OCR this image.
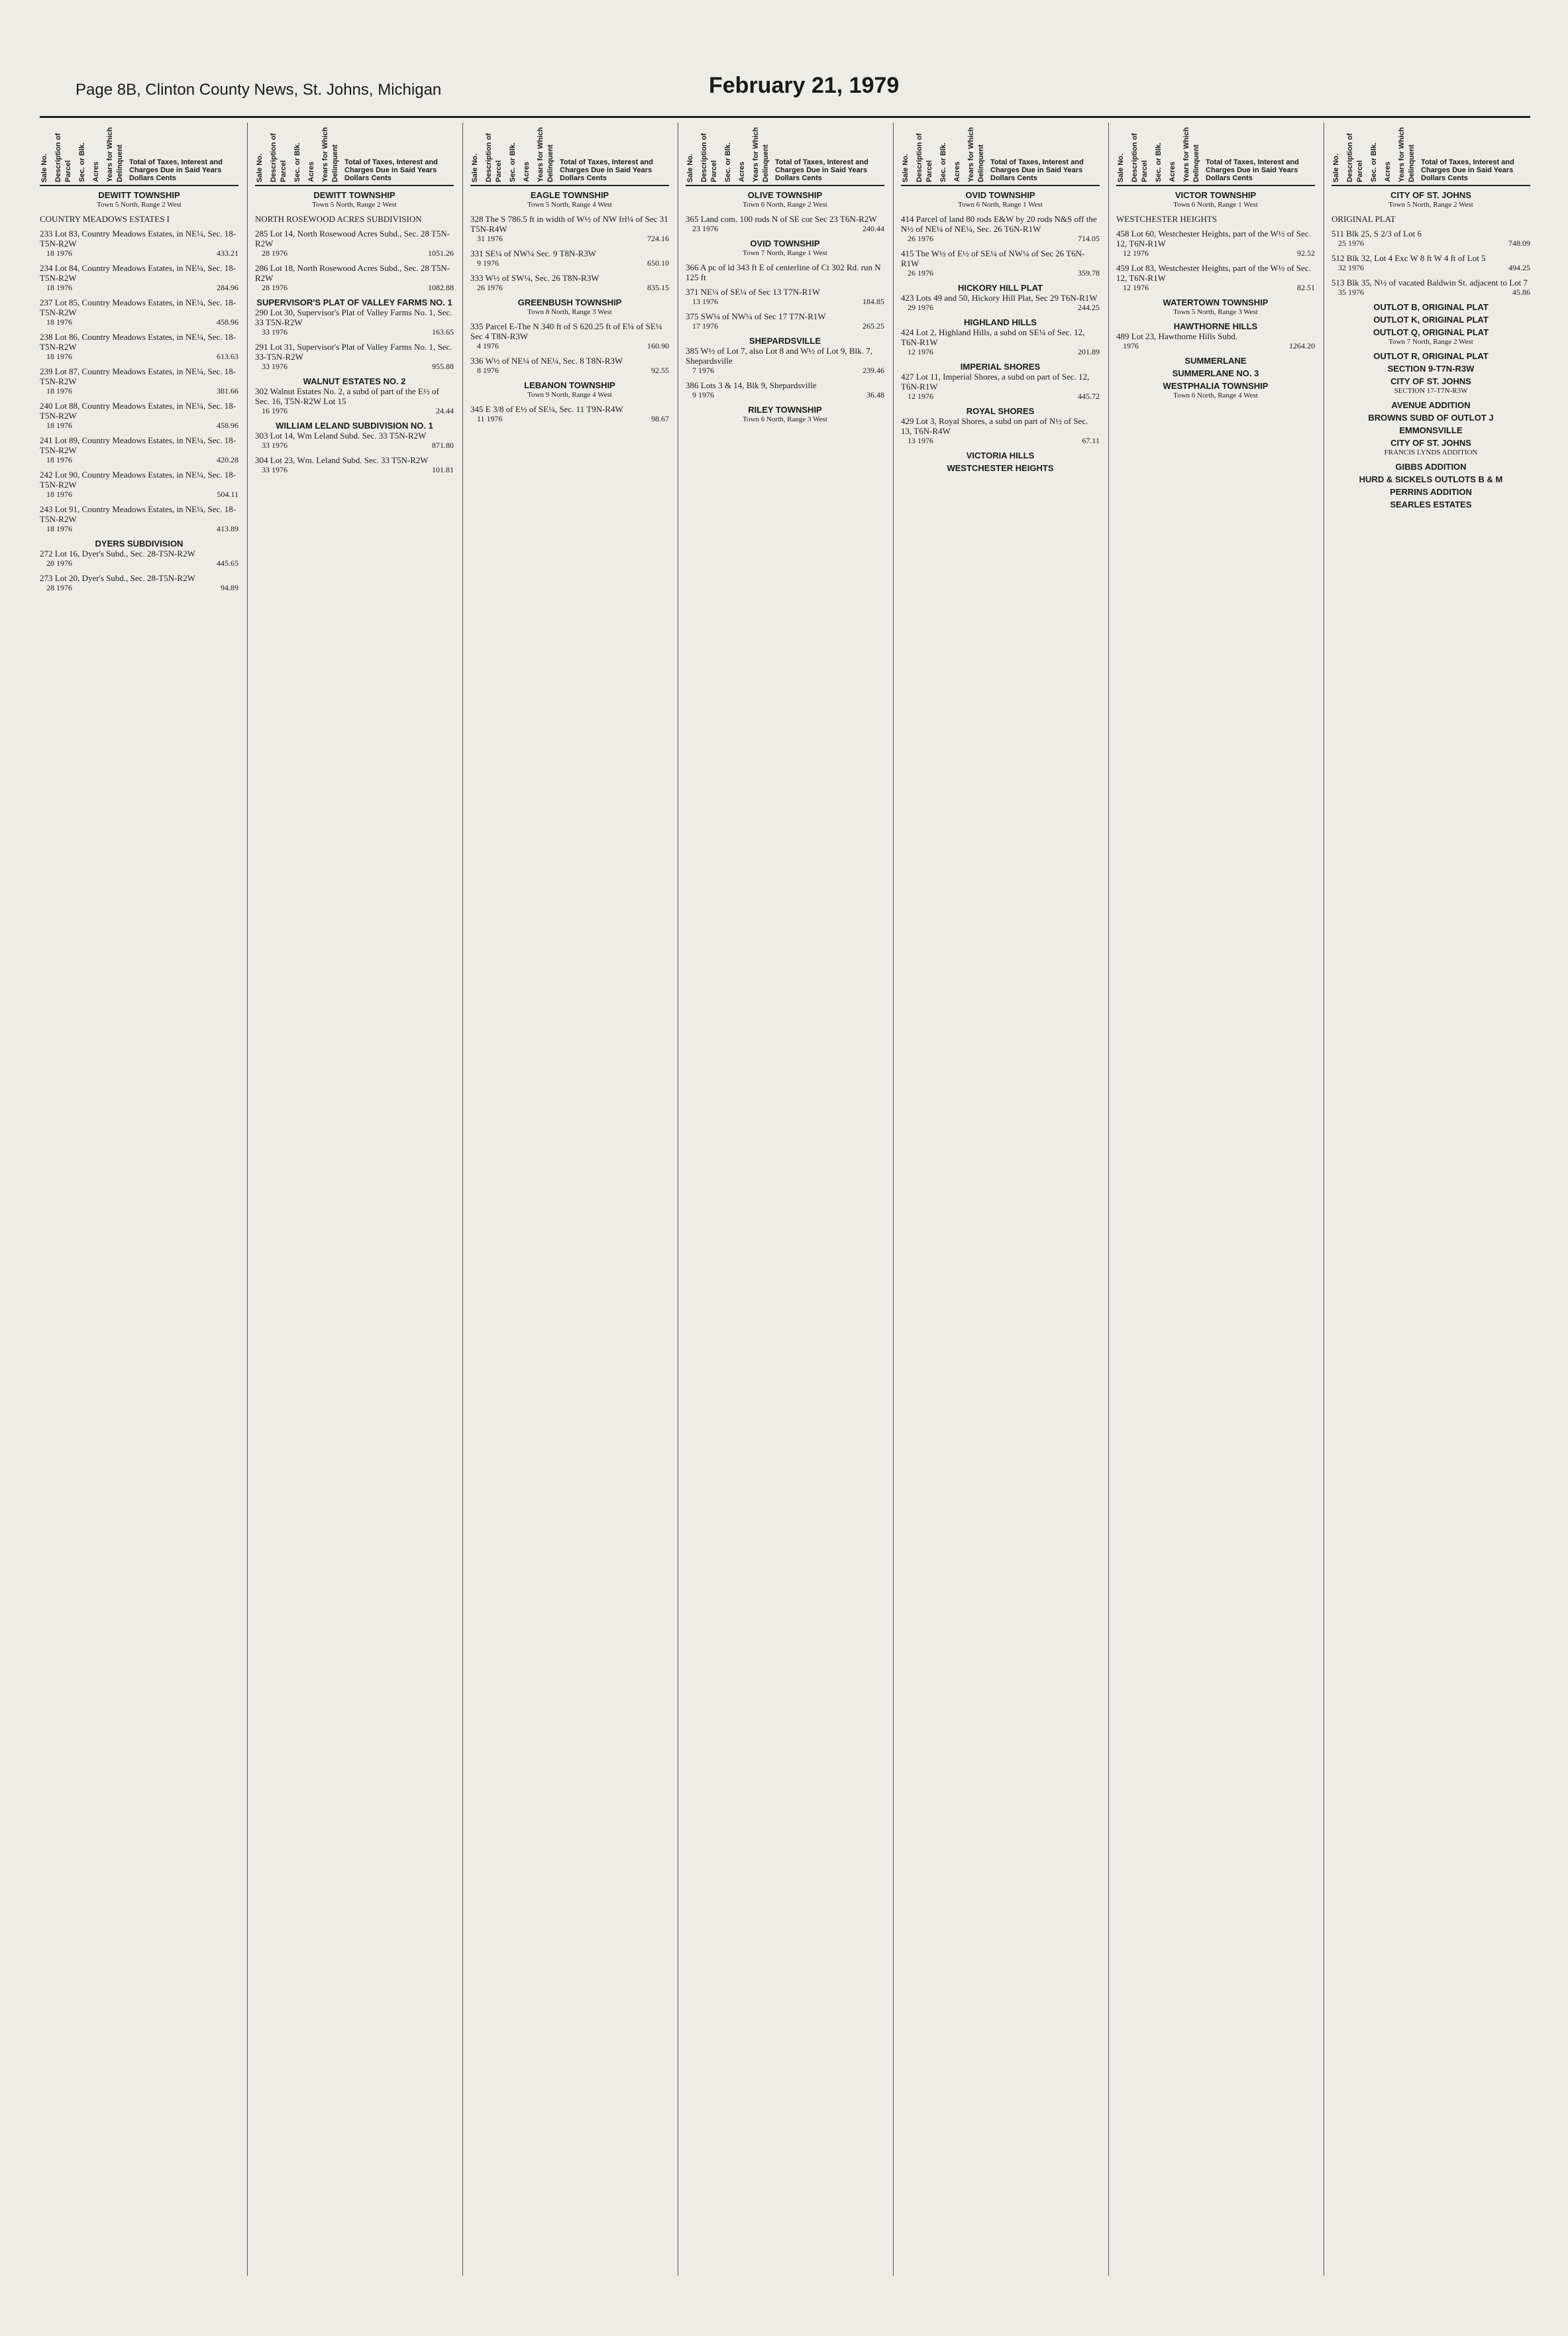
Page 8B, Clinton County News, St. Johns, Michigan	February 21, 1979
Sale No. Description of Parcel Sec. or Blk. Acres Years for Which Delinquent Total of Taxes, Interest and Charges Due in Said Years Dollars Cents
DEWITT TOWNSHIP
Town 5 North, Range 2 West
COUNTRY MEADOWS ESTATES I
233 Lot 83, Country Meadows Estates, in NE¼, Sec. 18-T5N-R2W
18 1976	433.21
234 Lot 84, Country Meadows Estates, in NE¼, Sec. 18-T5N-R2W
18 1976	284.96
237 Lot 85, Country Meadows Estates, in NE¼, Sec. 18-T5N-R2W
18 1976	458.96
238 Lot 86, Country Meadows Estates, in NE¼, Sec. 18-T5N-R2W
18 1976	613.63
239 Lot 87, Country Meadows Estates, in NE¼, Sec. 18-T5N-R2W
18 1976	381.66
240 Lot 88, Country Meadows Estates, in NE¼, Sec. 18-T5N-R2W
18 1976	458.96
241 Lot 89, Country Meadows Estates, in NE¼, Sec. 18-T5N-R2W
18 1976	420.28
242 Lot 90, Country Meadows Estates, in NE¼, Sec. 18-T5N-R2W
18 1976	504.11
243 Lot 91, Country Meadows Estates, in NE¼, Sec. 18-T5N-R2W
18 1976	413.89
DYERS SUBDIVISION
272 Lot 16, Dyer's Subd., Sec. 28-T5N-R2W
28 1976	445.65
273 Lot 20, Dyer's Subd., Sec. 28-T5N-R2W
28 1976	94.89
Sale No. Description of Parcel Sec. or Blk. Acres Years for Which Delinquent Total of Taxes, Interest and Charges Due in Said Years Dollars Cents
DEWITT TOWNSHIP
Town 5 North, Range 2 West
NORTH ROSEWOOD ACRES SUBDIVISION
285 Lot 14, North Rosewood Acres Subd., Sec. 28 T5N-R2W
28 1976	1051.26
286 Lot 18, North Rosewood Acres Subd., Sec. 28 T5N-R2W
28 1976	1082.88
SUPERVISOR'S PLAT OF VALLEY FARMS NO. 1
290 Lot 30, Supervisor's Plat of Valley Farms No. 1, Sec. 33 T5N-R2W
33 1976	163.65
291 Lot 31, Supervisor's Plat of Valley Farms No. 1, Sec. 33-T5N-R2W
33 1976	955.88
WALNUT ESTATES NO. 2
302 Walnut Estates No. 2, a subd of part of the E½ of Sec. 16, T5N-R2W Lot 15
16 1976	24.44
WILLIAM LELAND SUBDIVISION NO. 1
303 Lot 14, Wm Leland Subd. Sec. 33 T5N-R2W
33 1976	871.80
304 Lot 23, Wm. Leland Subd. Sec. 33 T5N-R2W
33 1976	101.81
Sale No. Description of Parcel Sec. or Blk. Acres Years for Which Delinquent Total of Taxes, Interest and Charges Due in Said Years Dollars Cents
EAGLE TOWNSHIP
Town 5 North, Range 4 West
328 The S 786.5 ft in width of W½ of NW frl¼ of Sec 31 T5N-R4W
31 1976	724.16
331 SE¼ of NW¼ Sec. 9 T8N-R3W
9 1976	650.10
333 W½ of SW¼, Sec. 26 T8N-R3W
26 1976	835.15
GREENBUSH TOWNSHIP
Town 8 North, Range 3 West
335 Parcel E-The N 340 ft of S 620.25 ft of E¼ of SE¼ Sec 4 T8N-R3W
4 1976	160.90
336 W½ of NE¼ of NE¼, Sec. 8 T8N-R3W
8 1976	92.55
LEBANON TOWNSHIP
Town 9 North, Range 4 West
345 E 3/8 of E½ of SE¼, Sec. 11 T9N-R4W
11 1976	98.67
Sale No. Description of Parcel Sec. or Blk. Acres Years for Which Delinquent Total of Taxes, Interest and Charges Due in Said Years Dollars Cents
OLIVE TOWNSHIP
Town 6 North, Range 2 West
365 Land com. 100 rods N of SE cor Sec 23 T6N-R2W
23 1976	240.44
OVID TOWNSHIP
Town 7 North, Range 1 West
366 A pc of ld 343 ft E of centerline of Ct 302 Rd. run N 125 ft
371 NE¼ of SE¼ of Sec 13 T7N-R1W
13 1976	184.85
375 SW¼ of NW¼ of Sec 17 T7N-R1W
17 1976	265.25
SHEPARDSVILLE
385 W½ of Lot 7, also Lot 8 and W½ of Lot 9, Blk. 7, Shepardsville
7 1976	239.46
386 Lots 3 & 14, Blk 9, Shepardsville
9 1976	36.48
RILEY TOWNSHIP
Town 6 North, Range 3 West
Sale No. Description of Parcel Sec. or Blk. Acres Years for Which Delinquent Total of Taxes, Interest and Charges Due in Said Years Dollars Cents
OVID TOWNSHIP
Town 6 North, Range 1 West
414 Parcel of land 80 rods E&W by 20 rods N&S off the N½ of NE¼ of NE¼, Sec. 26 T6N-R1W
26 1976	714.05
415 The W½ of E½ of SE¼ of NW¼ of Sec 26 T6N-R1W
26 1976	359.78
HICKORY HILL PLAT
423 Lots 49 and 50, Hickory Hill Plat, Sec 29 T6N-R1W
29 1976	244.25
HIGHLAND HILLS
424 Lot 2, Highland Hills, a subd on SE¼ of Sec. 12, T6N-R1W
12 1976	201.89
IMPERIAL SHORES
427 Lot 11, Imperial Shores, a subd on part of Sec. 12, T6N-R1W
12 1976	445.72
ROYAL SHORES
429 Lot 3, Royal Shores, a subd on part of N½ of Sec. 13, T6N-R4W
13 1976	67.11
VICTORIA HILLS
WESTCHESTER HEIGHTS
Sale No. Description of Parcel Sec. or Blk. Acres Years for Which Delinquent Total of Taxes, Interest and Charges Due in Said Years Dollars Cents
VICTOR TOWNSHIP
Town 6 North, Range 1 West
WESTCHESTER HEIGHTS
458 Lot 60, Westchester Heights, part of the W½ of Sec. 12, T6N-R1W
12 1976	92.52
459 Lot 83, Westchester Heights, part of the W½ of Sec. 12, T6N-R1W
12 1976	82.51
WATERTOWN TOWNSHIP
Town 5 North, Range 3 West
HAWTHORNE HILLS
489 Lot 23, Hawthorne Hills Subd.
1976	1264.20
SUMMERLANE
SUMMERLANE NO. 3
WESTPHALIA TOWNSHIP
Town 6 North, Range 4 West
Sale No. Description of Parcel Sec. or Blk. Acres Years for Which Delinquent Total of Taxes, Interest and Charges Due in Said Years Dollars Cents
CITY OF ST. JOHNS
Town 5 North, Range 2 West
ORIGINAL PLAT
511 Blk 25, S 2/3 of Lot 6
25 1976	748.09
512 Blk 32, Lot 4 Exc W 8 ft W 4 ft of Lot 5
32 1976	494.25
513 Blk 35, N½ of vacated Baldwin St. adjacent to Lot 7
35 1976	45.86
OUTLOT B, ORIGINAL PLAT
OUTLOT K, ORIGINAL PLAT
OUTLOT Q, ORIGINAL PLAT
Town 7 North, Range 2 West
OUTLOT R, ORIGINAL PLAT
SECTION 9-T7N-R3W
CITY OF ST. JOHNS
SECTION 17-T7N-R3W
AVENUE ADDITION
BROWNS SUBD OF OUTLOT J
EMMONSVILLE
CITY OF ST. JOHNS
FRANCIS LYNDS ADDITION
GIBBS ADDITION
HURD & SICKELS OUTLOTS B & M
PERRINS ADDITION
SEARLES ESTATES
